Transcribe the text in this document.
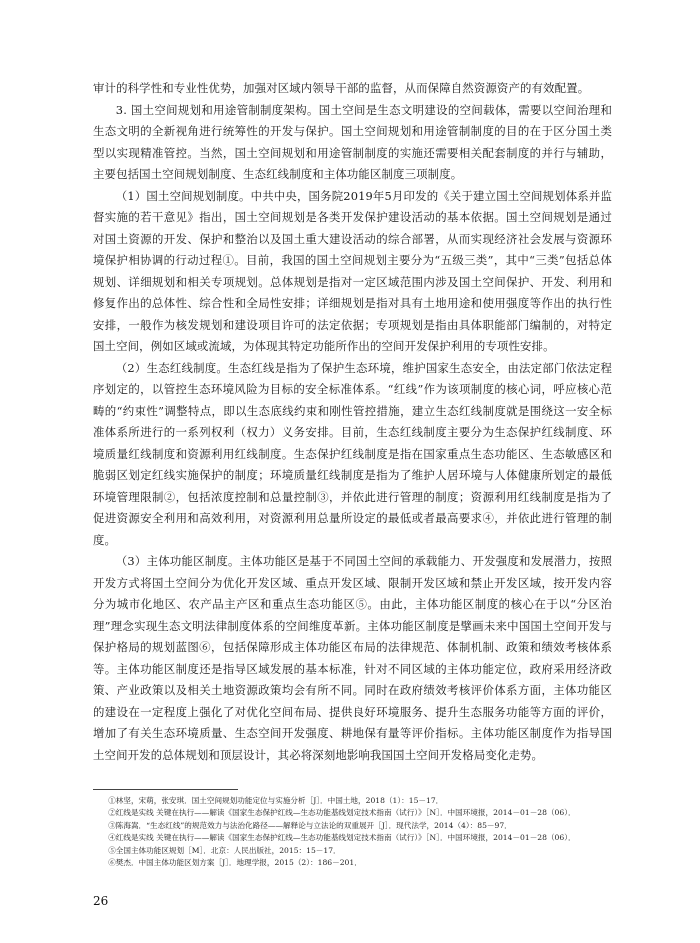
审计的科学性和专业性优势，加强对区域内领导干部的监督，从而保障自然资源资产的有效配置。

3. 国土空间规划和用途管制制度架构。国土空间是生态文明建设的空间载体，需要以空间治理和生态文明的全新视角进行统筹性的开发与保护。国土空间规划和用途管制制度的目的在于区分国土类型以实现精准管控。当然，国土空间规划和用途管制制度的实施还需要相关配套制度的并行与辅助，主要包括国土空间规划制度、生态红线制度和主体功能区制度三项制度。

（1）国土空间规划制度。中共中央，国务院2019年5月印发的《关于建立国土空间规划体系并监督实施的若干意见》指出，国土空间规划是各类开发保护建设活动的基本依据。国土空间规划是通过对国土资源的开发、保护和整治以及国土重大建设活动的综合部署，从而实现经济社会发展与资源环境保护相协调的行动过程①。目前，我国的国土空间规划主要分为“五级三类”，其中“三类”包括总体规划、详细规划和相关专项规划。总体规划是指对一定区域范围内涉及国土空间保护、开发、利用和修复作出的总体性、综合性和全局性安排；详细规划是指对具有土地用途和使用强度等作出的执行性安排，一般作为核发规划和建设项目许可的法定依据；专项规划是指由具体职能部门编制的，对特定国土空间，例如区域或流域，为体现其特定功能所作出的空间开发保护利用的专项性安排。

（2）生态红线制度。生态红线是指为了保护生态环境，维护国家生态安全，由法定部门依法定程序划定的，以管控生态环境风险为目标的安全标准体系。“红线”作为该项制度的核心词，呼应核心范畴的“约束性”调整特点，即以生态底线约束和刚性管控措施，建立生态红线制度就是围绕这一安全标准体系所进行的一系列权利（权力）义务安排。目前，生态红线制度主要分为生态保护红线制度、环境质量红线制度和资源利用红线制度。生态保护红线制度是指在国家重点生态功能区、生态敏感区和脆弱区划定红线实施保护的制度；环境质量红线制度是指为了维护人居环境与人体健康所划定的最低环境管理限制②，包括浓度控制和总量控制③，并依此进行管理的制度；资源利用红线制度是指为了促进资源安全利用和高效利用，对资源利用总量所设定的最低或者最高要求④，并依此进行管理的制度。

（3）主体功能区制度。主体功能区是基于不同国土空间的承载能力、开发强度和发展潜力，按照开发方式将国土空间分为优化开发区域、重点开发区域、限制开发区域和禁止开发区域，按开发内容分为城市化地区、农产品主产区和重点生态功能区⑤。由此，主体功能区制度的核心在于以“分区治理”理念实现生态文明法律制度体系的空间维度革新。主体功能区制度是擘画未来中国国土空间开发与保护格局的规划蓝图⑥，包括保障形成主体功能区布局的法律规范、体制机制、政策和绩效考核体系等。主体功能区制度还是指导区域发展的基本标准，针对不同区域的主体功能定位，政府采用经济政策、产业政策以及相关土地资源政策均会有所不同。同时在政府绩效考核评价体系方面，主体功能区的建设在一定程度上强化了对优化空间布局、提供良好环境服务、提升生态服务功能等方面的评价，增加了有关生态环境质量、生态空间开发强度、耕地保有量等评价指标。主体功能区制度作为指导国土空间开发的总体规划和顶层设计，其必将深刻地影响我国国土空间开发格局变化走势。

①林坚，宋萌，张安琪．国土空间规划功能定位与实施分析［J］．中国土地，2018（1）：15－17．

②红线是实线 关键在执行——解读《国家生态保护红线—生态功能基线划定技术指南（试行）》［N］．中国环境报，2014－01－28（06）．

③陈海嵩．“生态红线”的规范效力与法治化路径——解释论与立法论的双重展开［J］．现代法学，2014（4）：85－97．

④红线是实线 关键在执行——解读《国家生态保护红线—生态功能基线划定技术指南（试行）》［N］．中国环境报，2014－01－28（06）．

⑤全国主体功能区规划［M］．北京：人民出版社，2015：15－17．

⑥樊杰．中国主体功能区划方案［J］．地理学报，2015（2）：186－201．

26
